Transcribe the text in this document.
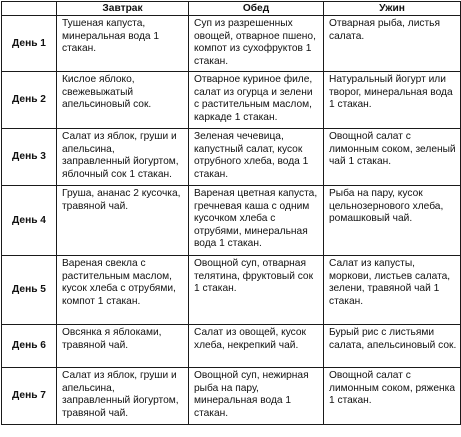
	Завтрак	Обед	Ужин
День 1	Тушеная капуста, минеральная вода 1 стакан.	Суп из разрешенных овощей, отварное пшено, компот из сухофруктов 1 стакан.	Отварная рыба, листья салата.

День 2	Кислое яблоко, свежевыжатый апельсиновый сок.	Отварное куриное филе, салат из огурца и зелени с растительным маслом, каркаде 1 стакан.	Натуральный йогурт или творог, минеральная вода 1 стакан.

День 3	Салат из яблок, груши и апельсина, заправленный йогуртом, яблочный сок 1 стакан.	Зеленая чечевица, капустный салат, кусок отрубного хлеба, вода 1 стакан.	Овощной салат с лимонным соком, зеленый чай 1 стакан.

День 4	Груша, ананас 2 кусочка, травяной чай.	Вареная цветная капуста, гречневая каша с одним кусочком хлеба с отрубями, минеральная вода 1 стакан.	Рыба на пару, кусок цельнозернового хлеба, ромашковый чай.

День 5	Вареная свекла с растительным маслом, кусок хлеба с отрубями, компот 1 стакан.	Овощной суп, отварная телятина, фруктовый сок 1 стакан.	Салат из капусты, моркови, листьев салата, зелени, травяной чай 1 стакан.

День 6	Овсянка я яблоками, травяной чай.	Салат из овощей, кусок хлеба, некрепкий чай.	Бурый рис с листьями салата, апельсиновый сок.

День 7	Салат из яблок, груши и апельсина, заправленный йогуртом, травяной чай.	Овощной суп, нежирная рыба на пару, минеральная вода 1 стакан.	Овощной салат с лимонным соком, ряженка 1 стакан.
